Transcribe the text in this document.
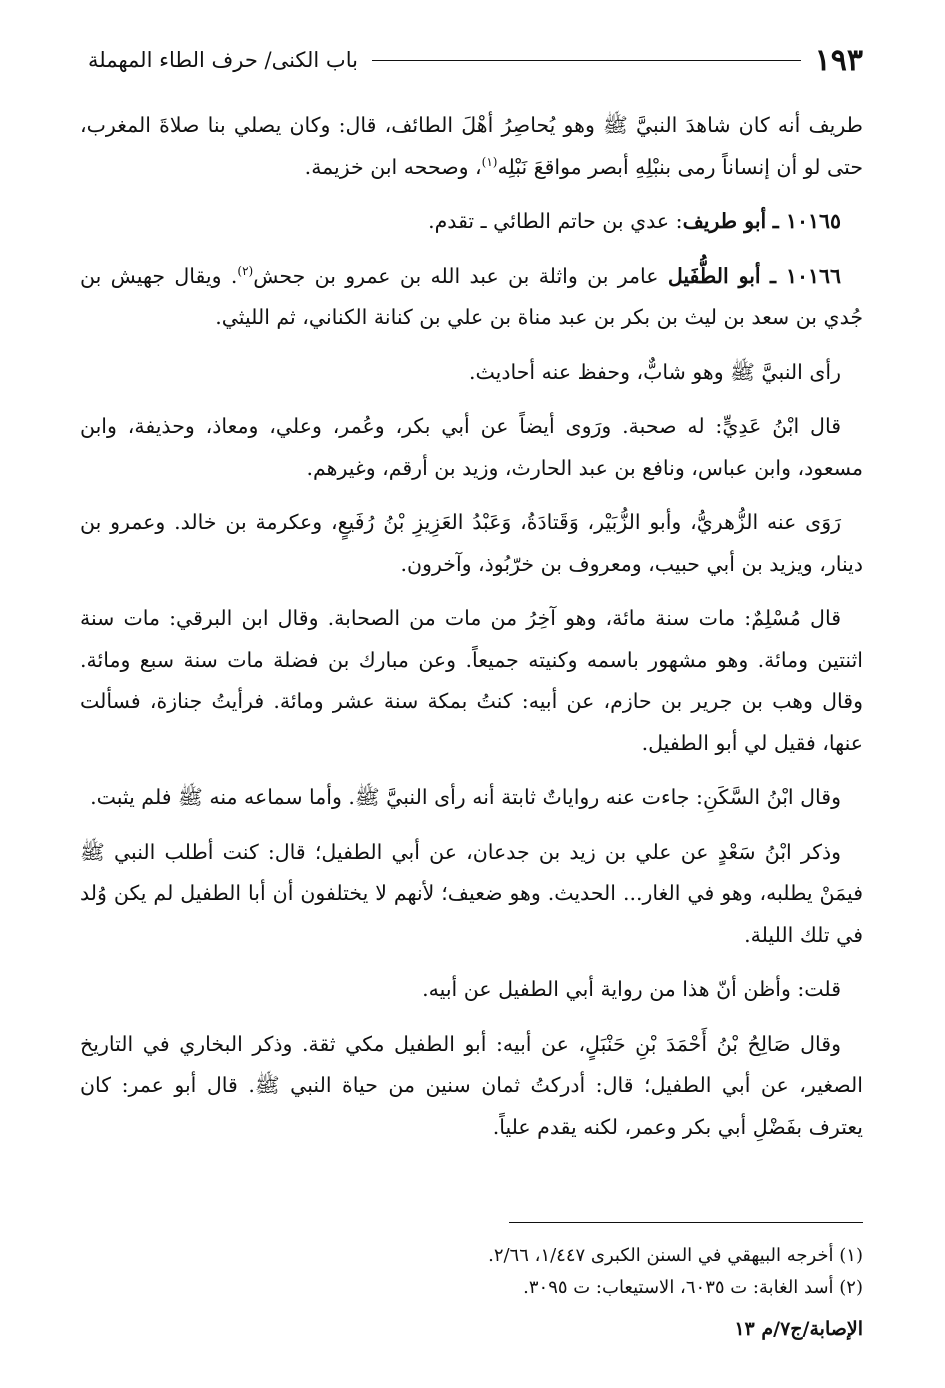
باب الكنى/ حرف الطاء المهملة	١٩٣

طريف أنه كان شاهدَ النبيَّ ﷺ وهو يُحاصِرُ أهْلَ الطائف، قال: وكان يصلي بنا صلاةَ المغرب، حتى لو أن إنساناً رمى بنبْلِهِ أبصر مواقعَ نَبْلِه$^{(١)}$، وصححه ابن خزيمة.

١٠١٦٥ ـ أبو طريف: عدي بن حاتم الطائي ـ تقدم.

١٠١٦٦ ـ أبو الطُّفَيل عامر بن واثلة بن عبد الله بن عمرو بن جحش$^{(٢)}$. ويقال جهيش بن جُدي بن سعد بن ليث بن بكر بن عبد مناة بن علي بن كنانة الكناني، ثم الليثي.

رأى النبيَّ ﷺ وهو شابٌّ، وحفظ عنه أحاديث.

قال ابْنُ عَدِيٍّ: له صحبة. ورَوى أيضاً عن أبي بكر، وعُمر، وعلي، ومعاذ، وحذيفة، وابن مسعود، وابن عباس، ونافع بن عبد الحارث، وزيد بن أرقم، وغيرهم.

رَوَى عنه الزُّهريُّ، وأبو الزُّبَيْر، وَقَتادَةُ، وَعَبْدُ العَزِيزِ بْنُ رُفَيعٍ، وعكرمة بن خالد. وعمرو بن دينار، ويزيد بن أبي حبيب، ومعروف بن خرّبُوذ، وآخرون.

قال مُسْلِمٌ: مات سنة مائة، وهو آخِرُ من مات من الصحابة. وقال ابن البرقي: مات سنة اثنتين ومائة. وهو مشهور باسمه وكنيته جميعاً. وعن مبارك بن فضلة مات سنة سبع ومائة. وقال وهب بن جرير بن حازم، عن أبيه: كنتُ بمكة سنة عشر ومائة. فرأيتُ جنازة، فسألت عنها، فقيل لي أبو الطفيل.

وقال ابْنُ السَّكَنِ: جاءت عنه رواياتٌ ثابتة أنه رأى النبيَّ ﷺ. وأما سماعه منه ﷺ فلم يثبت.

وذكر ابْنُ سَعْدٍ عن علي بن زيد بن جدعان، عن أبي الطفيل؛ قال: كنت أطلب النبي ﷺ فيمَنْ يطلبه، وهو في الغار... الحديث. وهو ضعيف؛ لأنهم لا يختلفون أن أبا الطفيل لم يكن وُلد في تلك الليلة.

قلت: وأظن أنّ هذا من رواية أبي الطفيل عن أبيه.

وقال صَالِحُ بْنُ أَحْمَدَ بْنِ حَنْبَلٍ، عن أبيه: أبو الطفيل مكي ثقة. وذكر البخاري في التاريخ الصغير، عن أبي الطفيل؛ قال: أدركتُ ثمان سنين من حياة النبي ﷺ. قال أبو عمر: كان يعترف بفَضْلِ أبي بكر وعمر، لكنه يقدم علياً.

(١) أخرجه البيهقي في السنن الكبرى ١/٤٤٧، ٢/٦٦.

(٢) أسد الغابة: ت ٦٠٣٥، الاستيعاب: ت ٣٠٩٥.

الإصابة/ج٧/م ١٣
